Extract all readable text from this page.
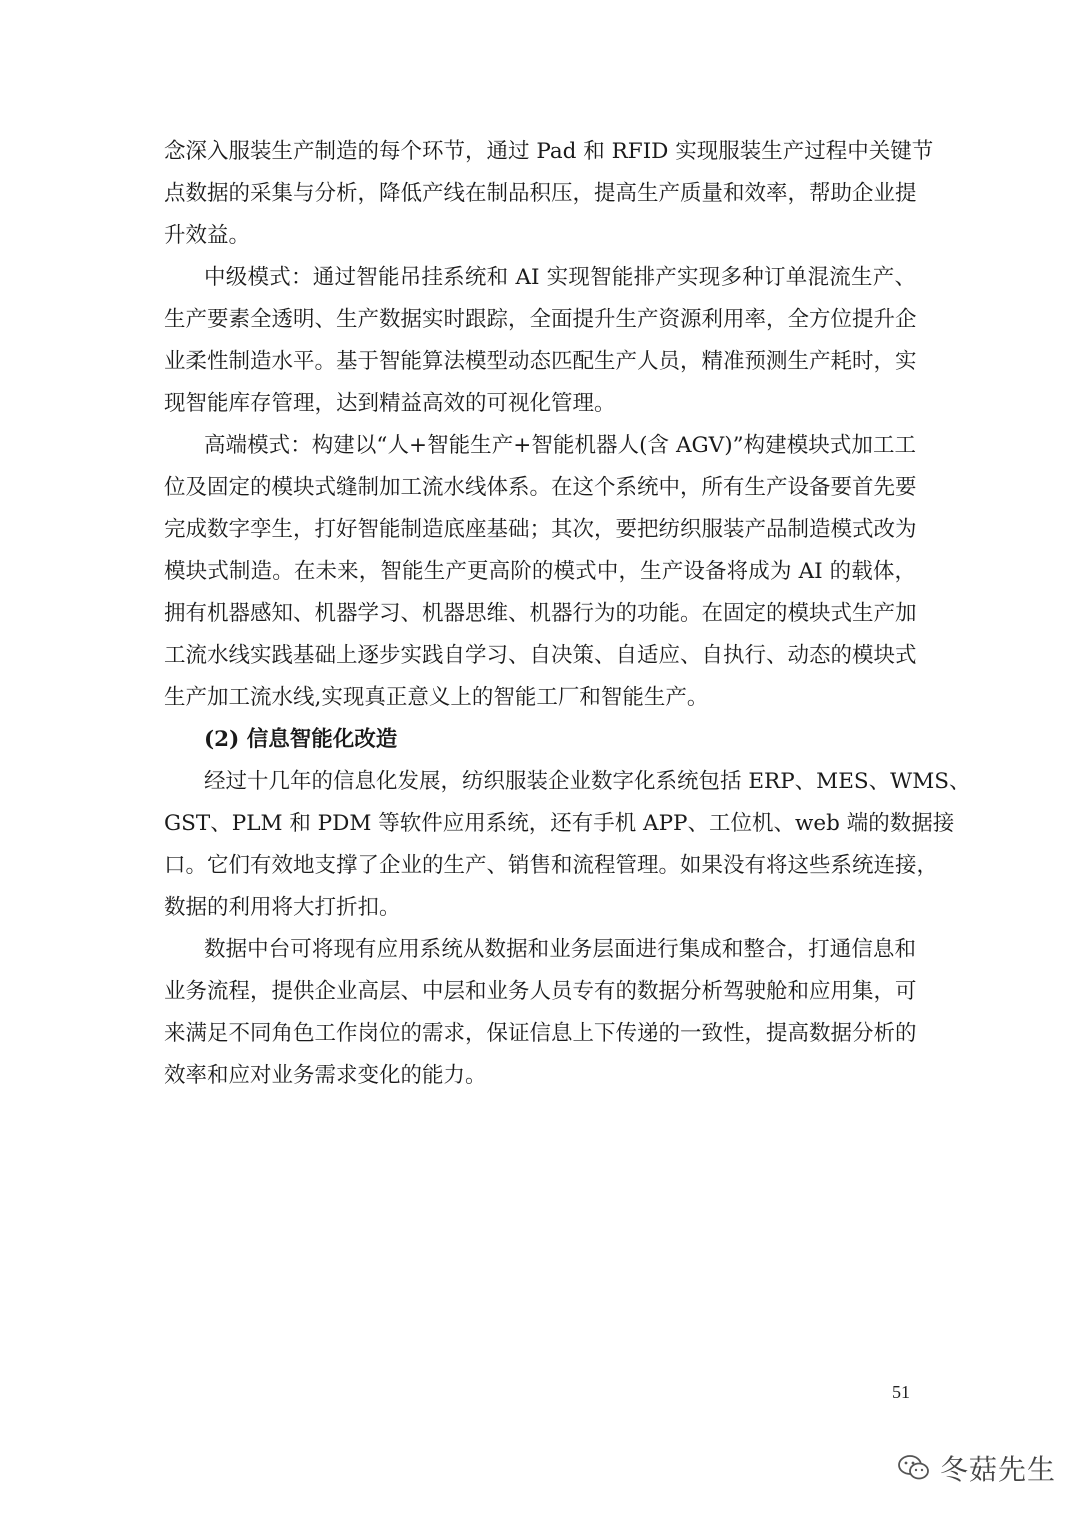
念深入服装生产制造的每个环节，通过 Pad 和 RFID 实现服装生产过程中关键节
点数据的采集与分析，降低产线在制品积压，提高生产质量和效率，帮助企业提
升效益。
中级模式：通过智能吊挂系统和 AI 实现智能排产实现多种订单混流生产、
生产要素全透明、生产数据实时跟踪，全面提升生产资源利用率，全方位提升企
业柔性制造水平。基于智能算法模型动态匹配生产人员，精准预测生产耗时，实
现智能库存管理，达到精益高效的可视化管理。
高端模式：构建以“人+智能生产+智能机器人(含 AGV)”构建模块式加工工
位及固定的模块式缝制加工流水线体系。在这个系统中，所有生产设备要首先要
完成数字孪生，打好智能制造底座基础；其次，要把纺织服装产品制造模式改为
模块式制造。在未来，智能生产更高阶的模式中，生产设备将成为 AI 的载体，
拥有机器感知、机器学习、机器思维、机器行为的功能。在固定的模块式生产加
工流水线实践基础上逐步实践自学习、自决策、自适应、自执行、动态的模块式
生产加工流水线,实现真正意义上的智能工厂和智能生产。
(2) 信息智能化改造
经过十几年的信息化发展，纺织服装企业数字化系统包括 ERP、MES、WMS、
GST、PLM 和 PDM 等软件应用系统，还有手机 APP、工位机、web 端的数据接
口。它们有效地支撑了企业的生产、销售和流程管理。如果没有将这些系统连接，
数据的利用将大打折扣。
数据中台可将现有应用系统从数据和业务层面进行集成和整合，打通信息和
业务流程，提供企业高层、中层和业务人员专有的数据分析驾驶舱和应用集，可
来满足不同角色工作岗位的需求，保证信息上下传递的一致性，提高数据分析的
效率和应对业务需求变化的能力。
51
冬菇先生
